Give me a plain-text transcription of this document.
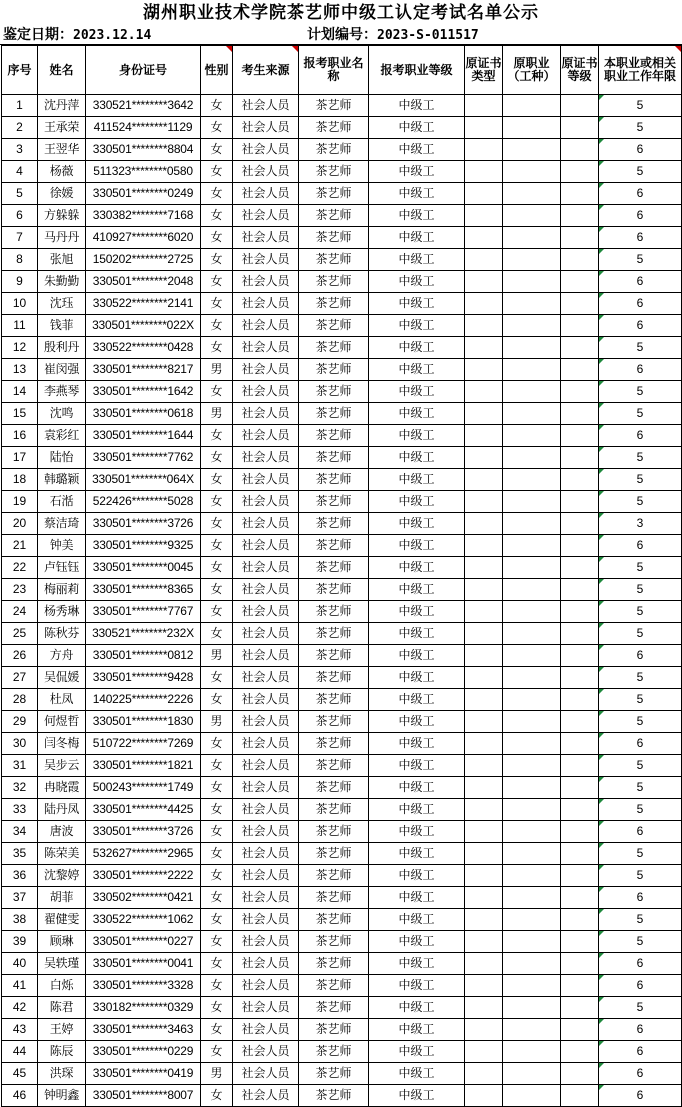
湖州职业技术学院茶艺师中级工认定考试名单公示
鉴定日期：2023.12.14	计划编号：2023-S-011517
序号	姓名	身份证号	性别	考生来源	报考职业名称	报考职业等级	原证书类型	原职业（工种）	原证书等级	本职业或相关职业工作年限
1	沈丹萍	330521********3642	女	社会人员	茶艺师	中级工				5
2	王承荣	411524********1129	女	社会人员	茶艺师	中级工				5
3	王翌华	330501********8804	女	社会人员	茶艺师	中级工				6
4	杨薇	511323********0580	女	社会人员	茶艺师	中级工				5
5	徐媛	330501********0249	女	社会人员	茶艺师	中级工				6
6	方躲躲	330382********7168	女	社会人员	茶艺师	中级工				6
7	马丹丹	410927********6020	女	社会人员	茶艺师	中级工				6
8	张旭	150202********2725	女	社会人员	茶艺师	中级工				5
9	朱勤勤	330501********2048	女	社会人员	茶艺师	中级工				6
10	沈珏	330522********2141	女	社会人员	茶艺师	中级工				6
11	钱菲	330501********022X	女	社会人员	茶艺师	中级工				6
12	殷利丹	330522********0428	女	社会人员	茶艺师	中级工				5
13	崔闵强	330501********8217	男	社会人员	茶艺师	中级工				6
14	李燕琴	330501********1642	女	社会人员	茶艺师	中级工				5
15	沈鸣	330501********0618	男	社会人员	茶艺师	中级工				5
16	袁彩红	330501********1644	女	社会人员	茶艺师	中级工				6
17	陆怡	330501********7762	女	社会人员	茶艺师	中级工				5
18	韩璐颖	330501********064X	女	社会人员	茶艺师	中级工				5
19	石湉	522426********5028	女	社会人员	茶艺师	中级工				5
20	蔡洁琦	330501********3726	女	社会人员	茶艺师	中级工				3
21	钟美	330501********9325	女	社会人员	茶艺师	中级工				6
22	卢钰钰	330501********0045	女	社会人员	茶艺师	中级工				5
23	梅丽莉	330501********8365	女	社会人员	茶艺师	中级工				5
24	杨秀琳	330501********7767	女	社会人员	茶艺师	中级工				5
25	陈秋芬	330521********232X	女	社会人员	茶艺师	中级工				5
26	方舟	330501********0812	男	社会人员	茶艺师	中级工				6
27	吴侃媛	330501********9428	女	社会人员	茶艺师	中级工				5
28	杜凤	140225********2226	女	社会人员	茶艺师	中级工				5
29	何煜哲	330501********1830	男	社会人员	茶艺师	中级工				5
30	闫冬梅	510722********7269	女	社会人员	茶艺师	中级工				6
31	吴步云	330501********1821	女	社会人员	茶艺师	中级工				5
32	冉晓霞	500243********1749	女	社会人员	茶艺师	中级工				5
33	陆丹凤	330501********4425	女	社会人员	茶艺师	中级工				5
34	唐波	330501********3726	女	社会人员	茶艺师	中级工				6
35	陈荣美	532627********2965	女	社会人员	茶艺师	中级工				5
36	沈黎婷	330501********2222	女	社会人员	茶艺师	中级工				5
37	胡菲	330502********0421	女	社会人员	茶艺师	中级工				6
38	翟健雯	330522********1062	女	社会人员	茶艺师	中级工				5
39	顾琳	330501********0227	女	社会人员	茶艺师	中级工				5
40	吴轶瑾	330501********0041	女	社会人员	茶艺师	中级工				6
41	白烁	330501********3328	女	社会人员	茶艺师	中级工				6
42	陈君	330182********0329	女	社会人员	茶艺师	中级工				5
43	王婷	330501********3463	女	社会人员	茶艺师	中级工				6
44	陈辰	330501********0229	女	社会人员	茶艺师	中级工				6
45	洪琛	330501********0419	男	社会人员	茶艺师	中级工				6
46	钟明鑫	330501********8007	女	社会人员	茶艺师	中级工				6
